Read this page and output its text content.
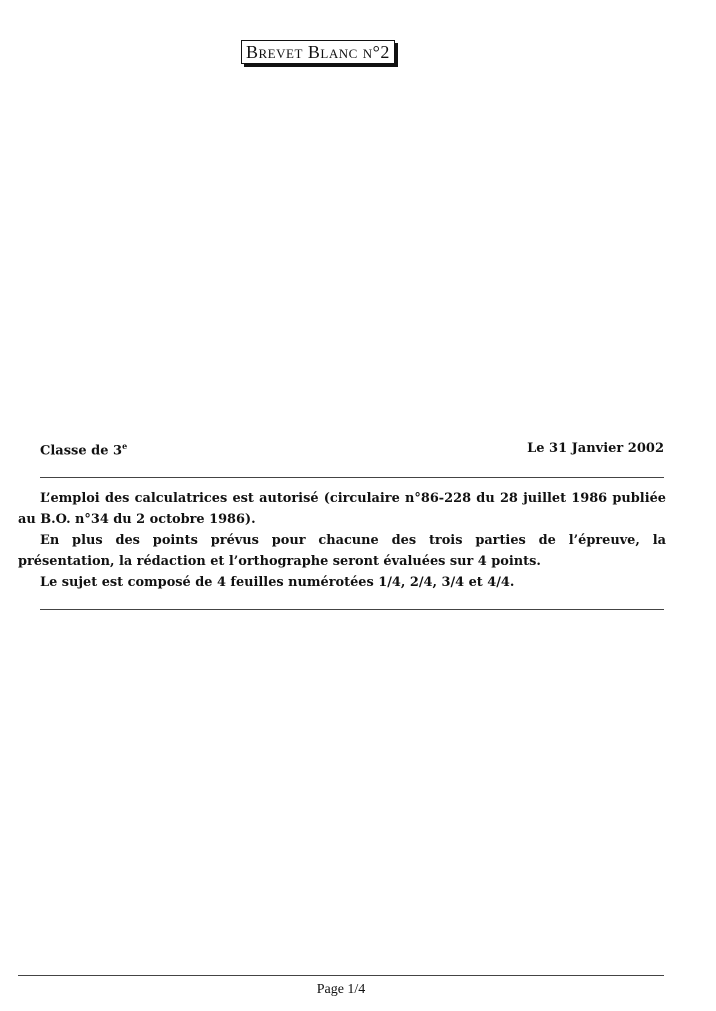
Brevet Blanc n°2
Classe de 3e	Le 31 Janvier 2002

L’emploi des calculatrices est autorisé (circulaire n°86-228 du 28 juillet 1986 publiée au B.O. n°34 du 2 octobre 1986).

En plus des points prévus pour chacune des trois parties de l’épreuve, la présentation, la rédaction et l’orthographe seront évaluées sur 4 points.

Le sujet est composé de 4 feuilles numérotées 1/4, 2/4, 3/4 et 4/4.

Page 1/4
